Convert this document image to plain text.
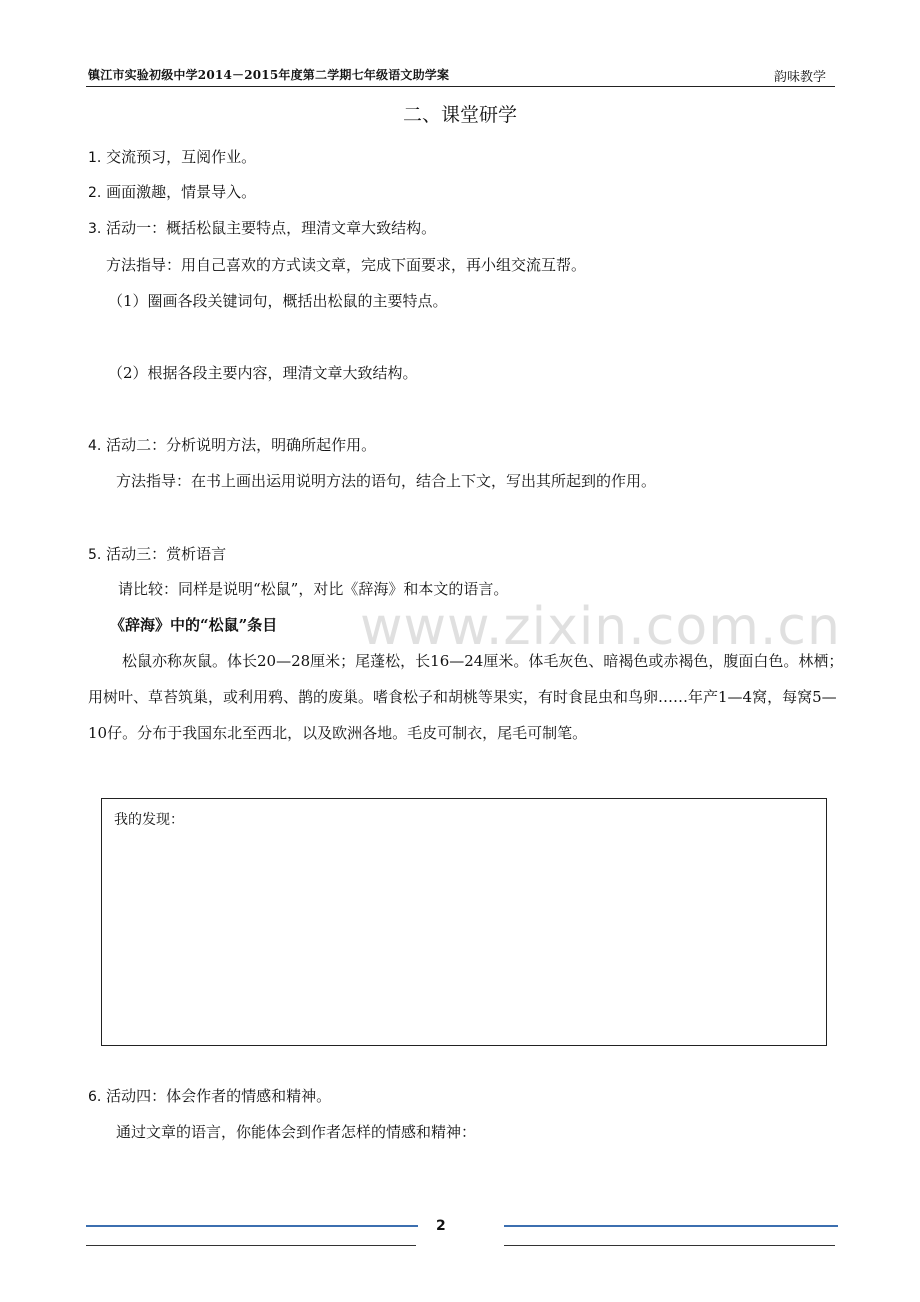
镇江市实验初级中学2014－2015年度第二学期七年级语文助学案	韵味教学
二、课堂研学
1. 交流预习，互阅作业。
2. 画面激趣，情景导入。
3. 活动一：概括松鼠主要特点，理清文章大致结构。
方法指导：用自己喜欢的方式读文章，完成下面要求，再小组交流互帮。
（1）圈画各段关键词句，概括出松鼠的主要特点。
（2）根据各段主要内容，理清文章大致结构。
4. 活动二：分析说明方法，明确所起作用。
方法指导：在书上画出运用说明方法的语句，结合上下文，写出其所起到的作用。
5. 活动三：赏析语言
请比较：同样是说明“松鼠”，对比《辞海》和本文的语言。
www.zixin.com.cn
《辞海》中的“松鼠”条目
松鼠亦称灰鼠。体长20—28厘米；尾蓬松，长16—24厘米。体毛灰色、暗褐色或赤褐色，腹面白色。林栖；用树叶、草苔筑巢，或利用鸦、鹊的废巢。嗜食松子和胡桃等果实，有时食昆虫和鸟卵……年产1—4窝，每窝5—10仔。分布于我国东北至西北，以及欧洲各地。毛皮可制衣，尾毛可制笔。
我的发现：
6. 活动四：体会作者的情感和精神。
通过文章的语言，你能体会到作者怎样的情感和精神：
2
